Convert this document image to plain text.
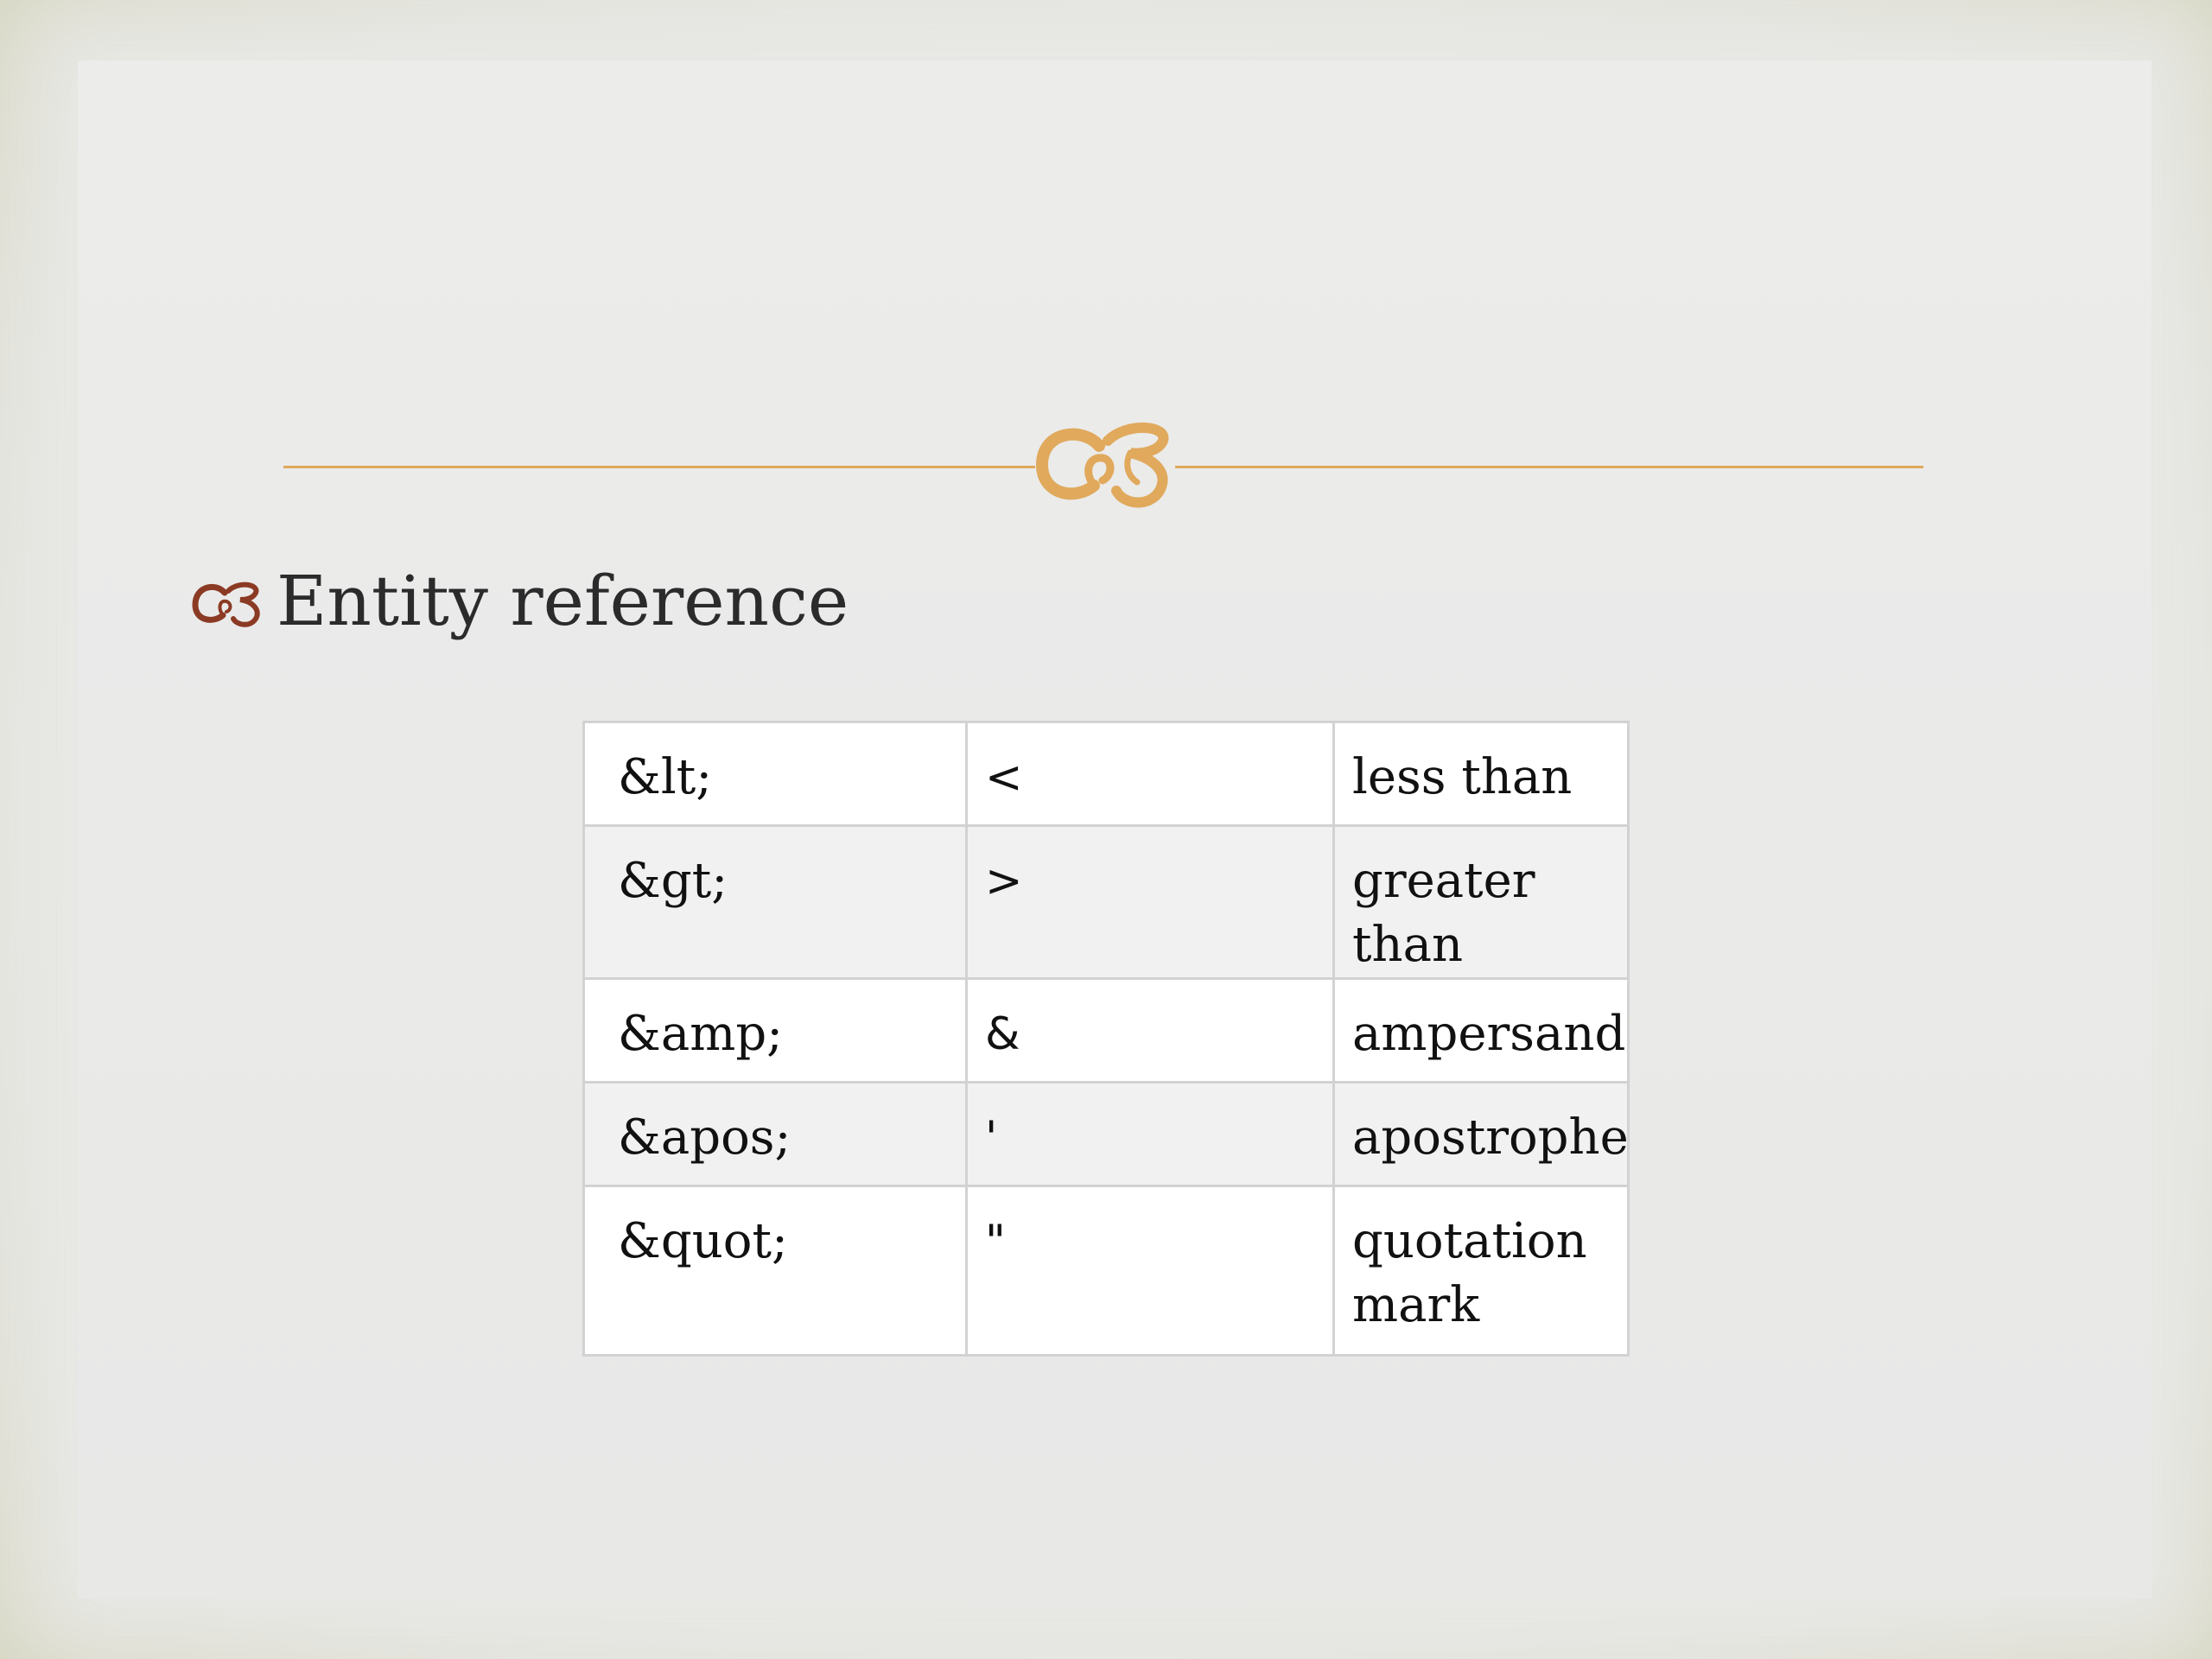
Entity reference
&lt;	<	less than
&gt;	>	greater than
&amp;	&	ampersand
&apos;	'	apostrophe
&quot;	"	quotation mark
